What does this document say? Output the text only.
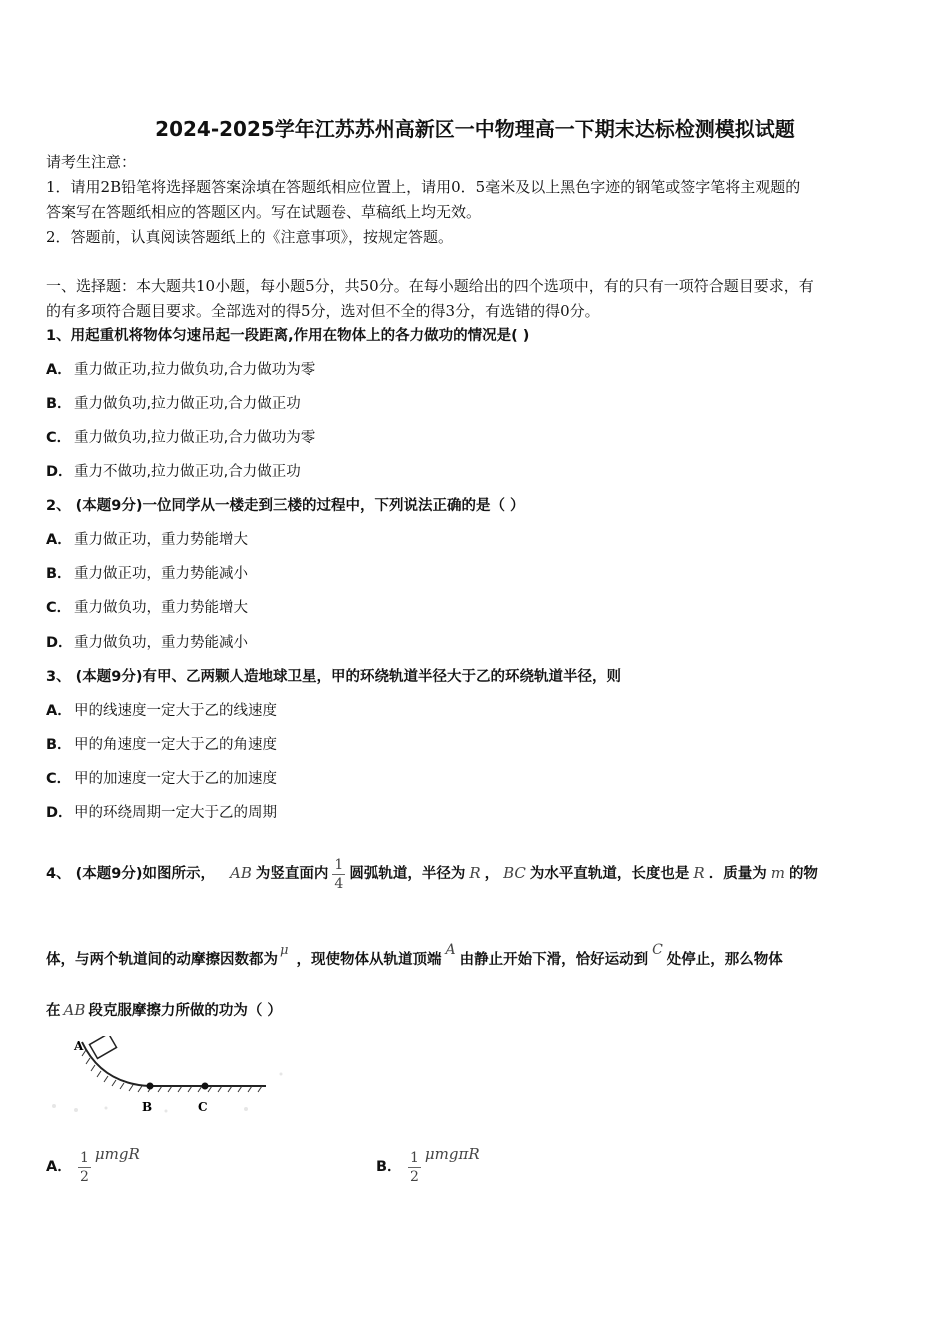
2024-2025学年江苏苏州高新区一中物理高一下期末达标检测模拟试题
请考生注意：
1．请用2B铅笔将选择题答案涂填在答题纸相应位置上，请用0．5毫米及以上黑色字迹的钢笔或签字笔将主观题的
答案写在答题纸相应的答题区内。写在试题卷、草稿纸上均无效。
2．答题前，认真阅读答题纸上的《注意事项》，按规定答题。
一、选择题：本大题共10小题，每小题5分，共50分。在每小题给出的四个选项中，有的只有一项符合题目要求，有
的有多项符合题目要求。全部选对的得5分，选对但不全的得3分，有选错的得0分。
1、用起重机将物体匀速吊起一段距离,作用在物体上的各力做功的情况是( )
A． 重力做正功,拉力做负功,合力做功为零
B． 重力做负功,拉力做正功,合力做正功
C． 重力做负功,拉力做正功,合力做功为零
D．重力不做功,拉力做正功,合力做正功
2、 (本题9分)一位同学从一楼走到三楼的过程中，下列说法正确的是（ ）
A． 重力做正功，重力势能增大
B． 重力做正功，重力势能减小
C． 重力做负功，重力势能增大
D．重力做负功，重力势能减小
3、 (本题9分)有甲、乙两颗人造地球卫星，甲的环绕轨道半径大于乙的环绕轨道半径，则
A． 甲的线速度一定大于乙的线速度
B． 甲的角速度一定大于乙的角速度
C． 甲的加速度一定大于乙的加速度
D．甲的环绕周期一定大于乙的周期
4、 (本题9分)如图所示， AB 为竖直面内 $\frac{1}{4}$ 圆弧轨道，半径为 R ， BC 为水平直轨道，长度也是 R ．质量为 m 的物
体，与两个轨道间的动摩擦因数都为μ，现使物体从轨道顶端A由静止开始下滑，恰好运动到C处停止，那么物体
在 AB 段克服摩擦力所做的功为（ ）
A
B	C
A． $\frac{1}{2}$ μmgR
B． $\frac{1}{2}$ μmgπR
